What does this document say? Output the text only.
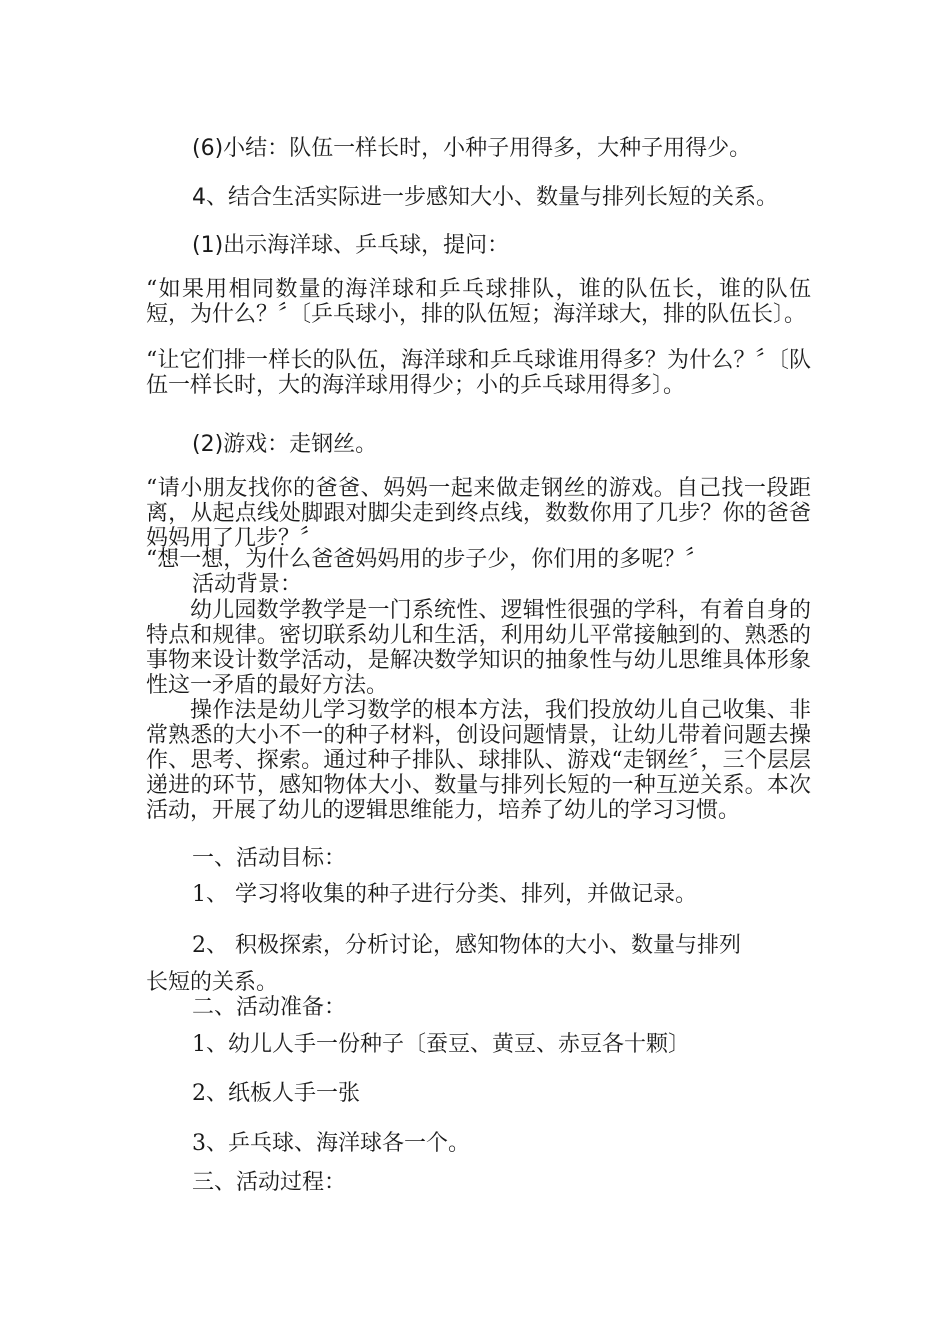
(6)小结：队伍一样长时，小种子用得多，大种子用得少。
4、结合生活实际进一步感知大小、数量与排列长短的关系。
(1)出示海洋球、乒乓球，提问：
“如果用相同数量的海洋球和乒乓球排队，谁的队伍长，谁的队伍短，为什么？〞〔乒乓球小，排的队伍短；海洋球大，排的队伍长〕。
“让它们排一样长的队伍，海洋球和乒乓球谁用得多？为什么？〞〔队伍一样长时，大的海洋球用得少；小的乒乓球用得多〕。
(2)游戏：走钢丝。
“请小朋友找你的爸爸、妈妈一起来做走钢丝的游戏。自己找一段距离，从起点线处脚跟对脚尖走到终点线，数数你用了几步？你的爸爸妈妈用了几步？〞
“想一想，为什么爸爸妈妈用的步子少，你们用的多呢？〞
活动背景：
幼儿园数学教学是一门系统性、逻辑性很强的学科，有着自身的特点和规律。密切联系幼儿和生活，利用幼儿平常接触到的、熟悉的事物来设计数学活动，是解决数学知识的抽象性与幼儿思维具体形象性这一矛盾的最好方法。
操作法是幼儿学习数学的根本方法，我们投放幼儿自己收集、非常熟悉的大小不一的种子材料，创设问题情景，让幼儿带着问题去操作、思考、探索。通过种子排队、球排队、游戏“走钢丝〞，三个层层递进的环节，感知物体大小、数量与排列长短的一种互逆关系。本次活动，开展了幼儿的逻辑思维能力，培养了幼儿的学习习惯。
一、活动目标：
1、 学习将收集的种子进行分类、排列，并做记录。
2、 积极探索，分析讨论，感知物体的大小、数量与排列
长短的关系。
二、活动准备：
1、幼儿人手一份种子〔蚕豆、黄豆、赤豆各十颗〕
2、纸板人手一张
3、乒乓球、海洋球各一个。
三、活动过程：
